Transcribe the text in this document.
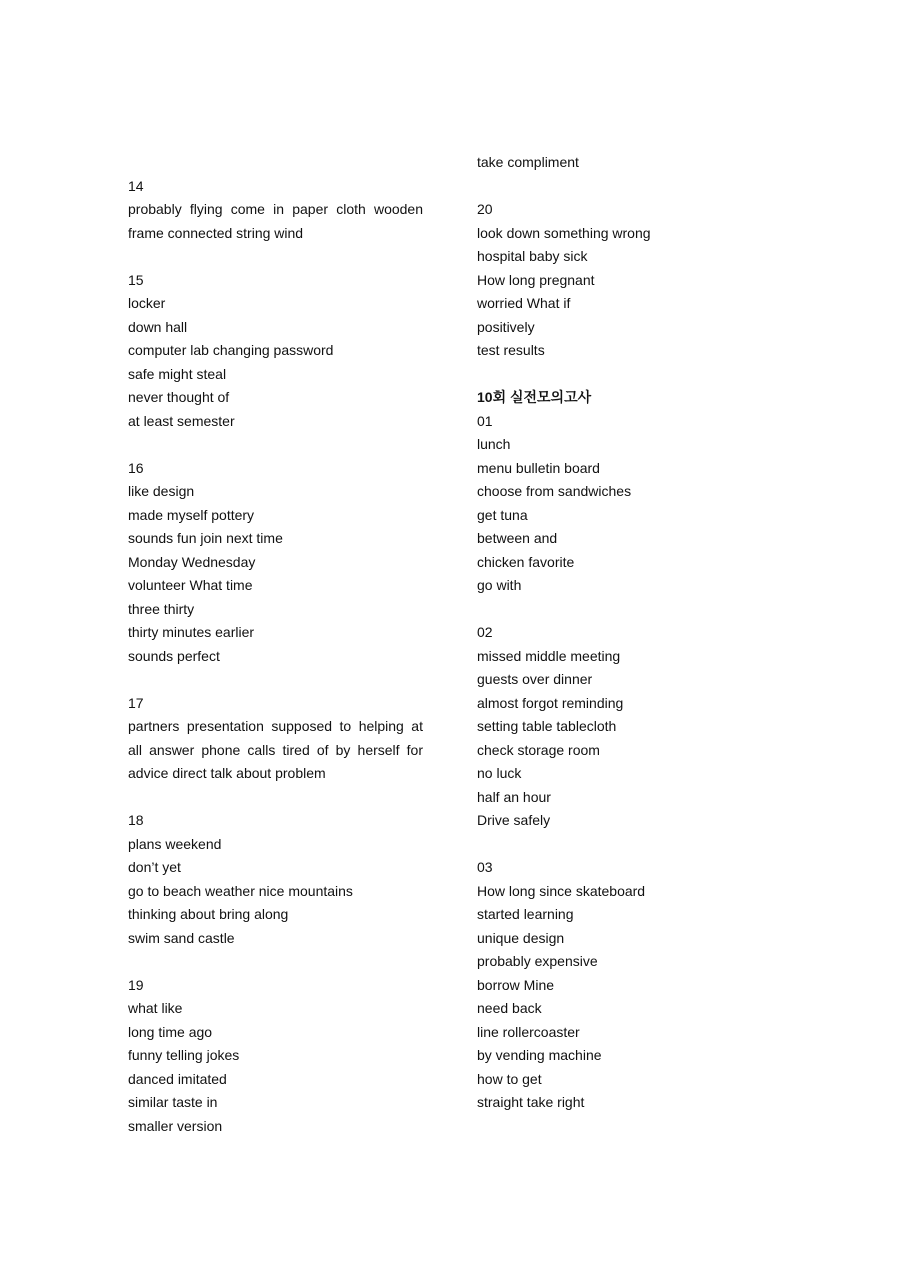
14
probably flying come in paper cloth wooden
frame connected string wind
15
locker
down hall
computer lab changing password
safe might steal
never thought of
at least semester
16
like design
made myself pottery
sounds fun join next time
Monday Wednesday
volunteer What time
three thirty
thirty minutes earlier
sounds perfect
17
partners presentation supposed to helping at
all answer phone calls tired of by herself for
advice direct talk about problem
18
plans weekend
don’t yet
go to beach weather nice mountains
thinking about bring along
swim sand castle
19
what like
long time ago
funny telling jokes
danced imitated
similar taste in
smaller version
take compliment
20
look down something wrong
hospital baby sick
How long pregnant
worried What if
positively
test results
10회 실전모의고사
01
lunch
menu bulletin board
choose from sandwiches
get tuna
between and
chicken favorite
go with
02
missed middle meeting
guests over dinner
almost forgot reminding
setting table tablecloth
check storage room
no luck
half an hour
Drive safely
03
How long since skateboard
started learning
unique design
probably expensive
borrow Mine
need back
line rollercoaster
by vending machine
how to get
straight take right
